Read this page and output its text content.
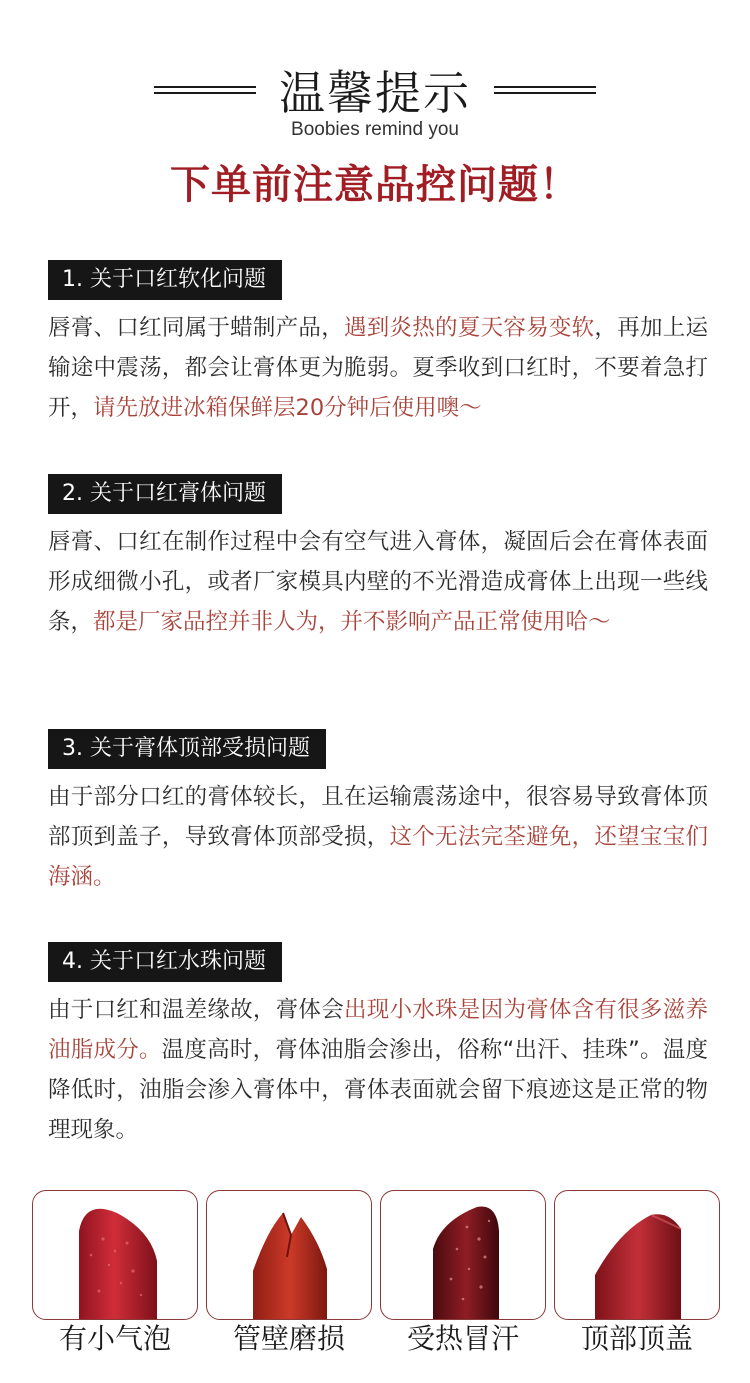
温馨提示
Boobies remind you
下单前注意品控问题！
1. 关于口红软化问题
唇膏、口红同属于蜡制产品，遇到炎热的夏天容易变软，再加上运输途中震荡，都会让膏体更为脆弱。夏季收到口红时，不要着急打开，请先放进冰箱保鲜层20分钟后使用噢～
2. 关于口红膏体问题
唇膏、口红在制作过程中会有空气进入膏体，凝固后会在膏体表面形成细微小孔，或者厂家模具内壁的不光滑造成膏体上出现一些线条，都是厂家品控并非人为，并不影响产品正常使用哈～
3. 关于膏体顶部受损问题
由于部分口红的膏体较长，且在运输震荡途中，很容易导致膏体顶部顶到盖子，导致膏体顶部受损，这个无法完荃避免，还望宝宝们海涵。
4. 关于口红水珠问题
由于口红和温差缘故，膏体会出现小水珠是因为膏体含有很多滋养油脂成分。温度高时，膏体油脂会渗出，俗称“出汗、挂珠”。温度降低时，油脂会渗入膏体中，膏体表面就会留下痕迹这是正常的物理现象。
有小气泡	管壁磨损	受热冒汗	顶部顶盖
